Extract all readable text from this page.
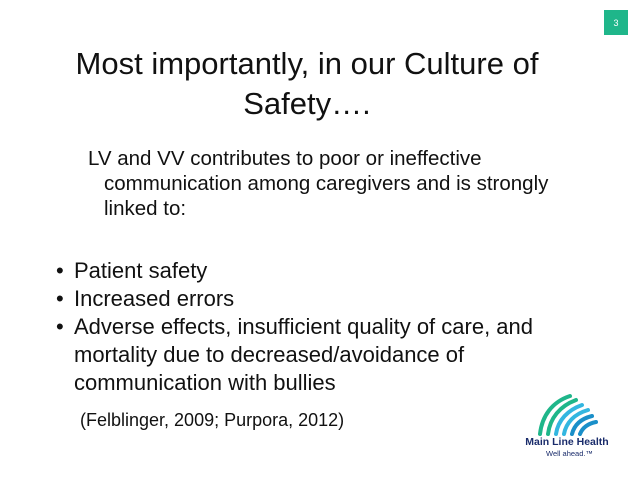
3
Most importantly, in our Culture of Safety….
LV and VV contributes to poor or ineffective communication among caregivers and is strongly linked to:
• Patient safety
• Increased errors
• Adverse effects, insufficient quality of care, and mortality due to decreased/avoidance of communication with bullies
(Felblinger, 2009; Purpora, 2012)
Main Line Health
Well ahead.™
